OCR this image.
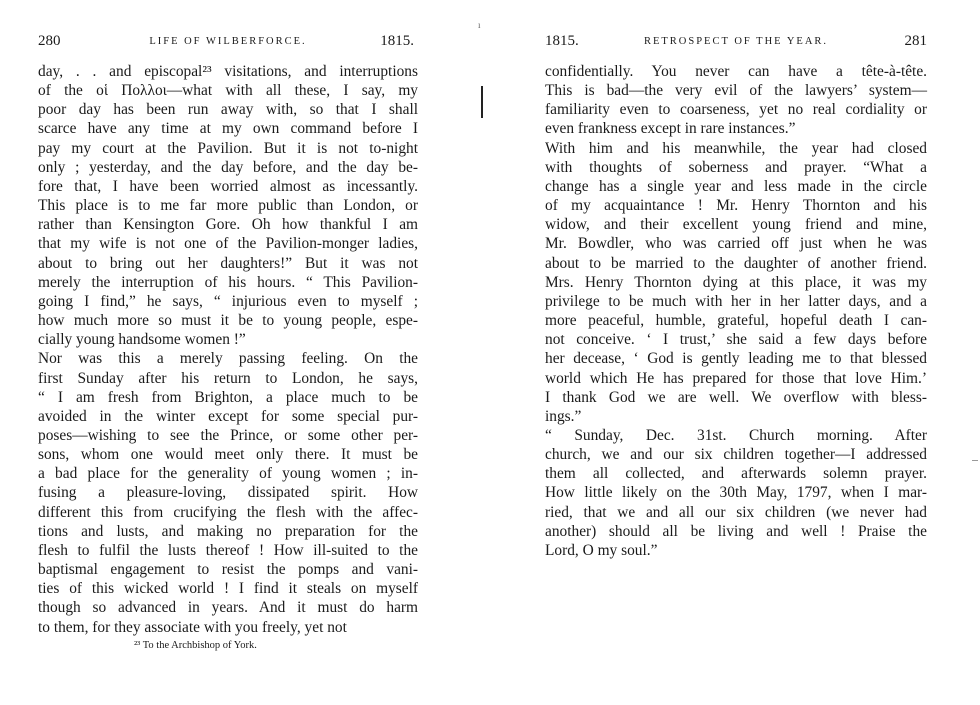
280	LIFE OF WILBERFORCE.	1815.
day, . . and episcopal²³ visitations, and interruptions
of the οἱ Πολλοι—what with all these, I say, my
poor day has been run away with, so that I shall
scarce have any time at my own command before I
pay my court at the Pavilion. But it is not to-night
only ; yesterday, and the day before, and the day be-
fore that, I have been worried almost as incessantly.
This place is to me far more public than London, or
rather than Kensington Gore. Oh how thankful I am
that my wife is not one of the Pavilion-monger ladies,
about to bring out her daughters!” But it was not
merely the interruption of his hours. “ This Pavilion-
going I find,” he says, “ injurious even to myself ;
how much more so must it be to young people, espe-
cially young handsome women !”
Nor was this a merely passing feeling. On the
first Sunday after his return to London, he says,
“ I am fresh from Brighton, a place much to be
avoided in the winter except for some special pur-
poses—wishing to see the Prince, or some other per-
sons, whom one would meet only there. It must be
a bad place for the generality of young women ; in-
fusing a pleasure-loving, dissipated spirit. How
different this from crucifying the flesh with the affec-
tions and lusts, and making no preparation for the
flesh to fulfil the lusts thereof ! How ill-suited to the
baptismal engagement to resist the pomps and vani-
ties of this wicked world ! I find it steals on myself
though so advanced in years. And it must do harm
to them, for they associate with you freely, yet not
²³ To the Archbishop of York.
ı
1815.	RETROSPECT OF THE YEAR.	281
confidentially. You never can have a tête-à-tête.
This is bad—the very evil of the lawyers’ system—
familiarity even to coarseness, yet no real cordiality or
even frankness except in rare instances.”
With him and his meanwhile, the year had closed
with thoughts of soberness and prayer. “What a
change has a single year and less made in the circle
of my acquaintance ! Mr. Henry Thornton and his
widow, and their excellent young friend and mine,
Mr. Bowdler, who was carried off just when he was
about to be married to the daughter of another friend.
Mrs. Henry Thornton dying at this place, it was my
privilege to be much with her in her latter days, and a
more peaceful, humble, grateful, hopeful death I can-
not conceive. ‘ I trust,’ she said a few days before
her decease, ‘ God is gently leading me to that blessed
world which He has prepared for those that love Him.’
I thank God we are well. We overflow with bless-
ings.”
“ Sunday, Dec. 31st. Church morning. After
church, we and our six children together—I addressed
them all collected, and afterwards solemn prayer.
How little likely on the 30th May, 1797, when I mar-
ried, that we and all our six children (we never had
another) should all be living and well ! Praise the
Lord, O my soul.”
